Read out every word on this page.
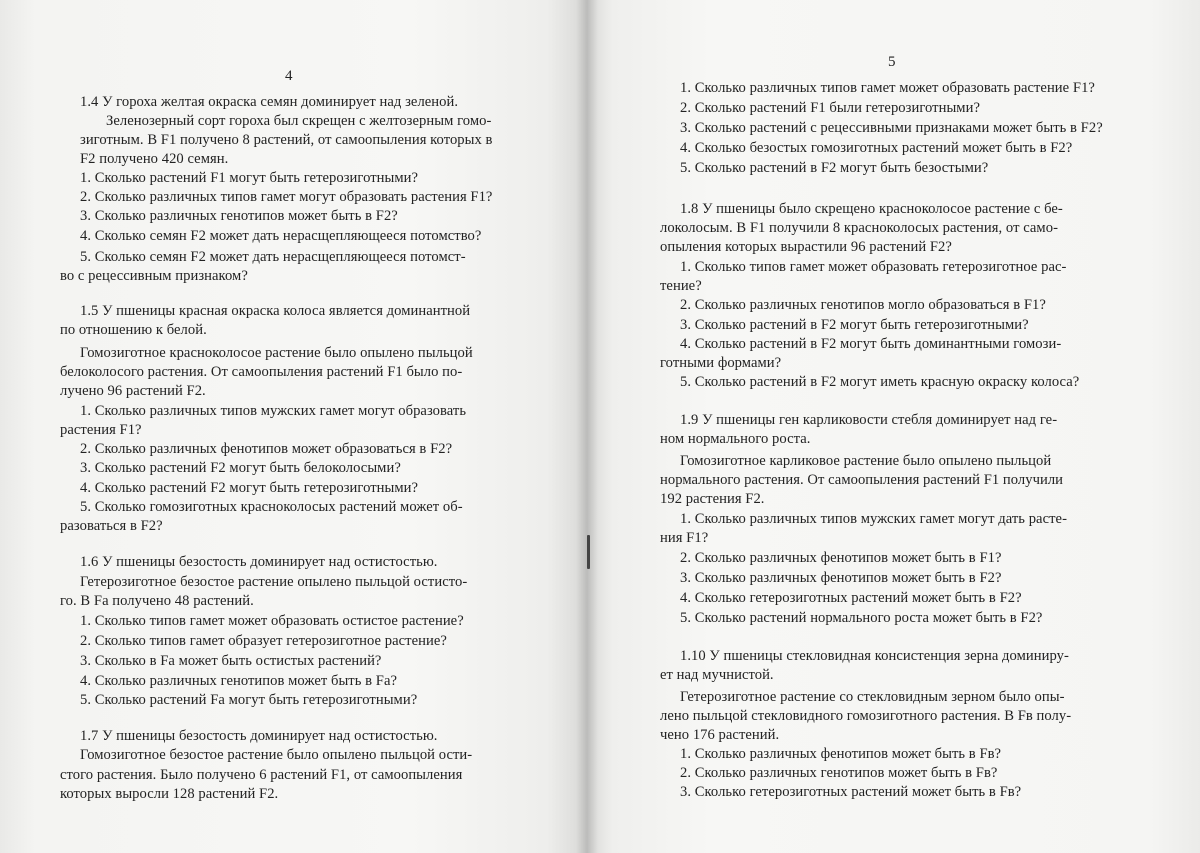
4
1.4 У гороха желтая окраска семян доминирует над зеленой.
Зеленозерный сорт гороха был скрещен с желтозерным гомо-
зиготным. В F1 получено 8 растений, от самоопыления которых в
F2 получено 420 семян.
1. Сколько растений F1 могут быть гетерозиготными?
2. Сколько различных типов гамет могут образовать растения F1?
3. Сколько различных генотипов может быть в F2?
4. Сколько семян F2 может дать нерасщепляющееся потомство?
5. Сколько семян F2 может дать нерасщепляющееся потомст-
во с рецессивным признаком?
1.5 У пшеницы красная окраска колоса является доминантной
по отношению к белой.
Гомозиготное красноколосое растение было опылено пыльцой
белоколосого растения. От самоопыления растений F1 было по-
лучено 96 растений F2.
1. Сколько различных типов мужских гамет могут образовать
растения F1?
2. Сколько различных фенотипов может образоваться в F2?
3. Сколько растений F2 могут быть белоколосыми?
4. Сколько растений F2 могут быть гетерозиготными?
5. Сколько гомозиготных красноколосых растений может об-
разоваться в F2?
1.6 У пшеницы безостость доминирует над остистостью.
Гетерозиготное безостое растение опылено пыльцой остисто-
го. В Fа получено 48 растений.
1. Сколько типов гамет может образовать остистое растение?
2. Сколько типов гамет образует гетерозиготное растение?
3. Сколько в Fа может быть остистых растений?
4. Сколько различных генотипов может быть в Fа?
5. Сколько растений Fа могут быть гетерозиготными?
1.7 У пшеницы безостость доминирует над остистостью.
Гомозиготное безостое растение было опылено пыльцой ости-
стого растения. Было получено 6 растений F1, от самоопыления
которых выросли 128 растений F2.
5
1. Сколько различных типов гамет может образовать растение F1?
2. Сколько растений F1 были гетерозиготными?
3. Сколько растений с рецессивными признаками может быть в F2?
4. Сколько безостых гомозиготных растений может быть в F2?
5. Сколько растений в F2 могут быть безостыми?
1.8 У пшеницы было скрещено красноколосое растение с бе-
локолосым. В F1 получили 8 красноколосых растения, от само-
опыления которых вырастили 96 растений F2?
1. Сколько типов гамет может образовать гетерозиготное рас-
тение?
2. Сколько различных генотипов могло образоваться в F1?
3. Сколько растений в F2 могут быть гетерозиготными?
4. Сколько растений в F2 могут быть доминантными гомози-
готными формами?
5. Сколько растений в F2 могут иметь красную окраску колоса?
1.9 У пшеницы ген карликовости стебля доминирует над ге-
ном нормального роста.
Гомозиготное карликовое растение было опылено пыльцой
нормального растения. От самоопыления растений F1 получили
192 растения F2.
1. Сколько различных типов мужских гамет могут дать расте-
ния F1?
2. Сколько различных фенотипов может быть в F1?
3. Сколько различных фенотипов может быть в F2?
4. Сколько гетерозиготных растений может быть в F2?
5. Сколько растений нормального роста может быть в F2?
1.10 У пшеницы стекловидная консистенция зерна доминиру-
ет над мучнистой.
Гетерозиготное растение со стекловидным зерном было опы-
лено пыльцой стекловидного гомозиготного растения. В Fв полу-
чено 176 растений.
1. Сколько различных фенотипов может быть в Fв?
2. Сколько различных генотипов может быть в Fв?
3. Сколько гетерозиготных растений может быть в Fв?
